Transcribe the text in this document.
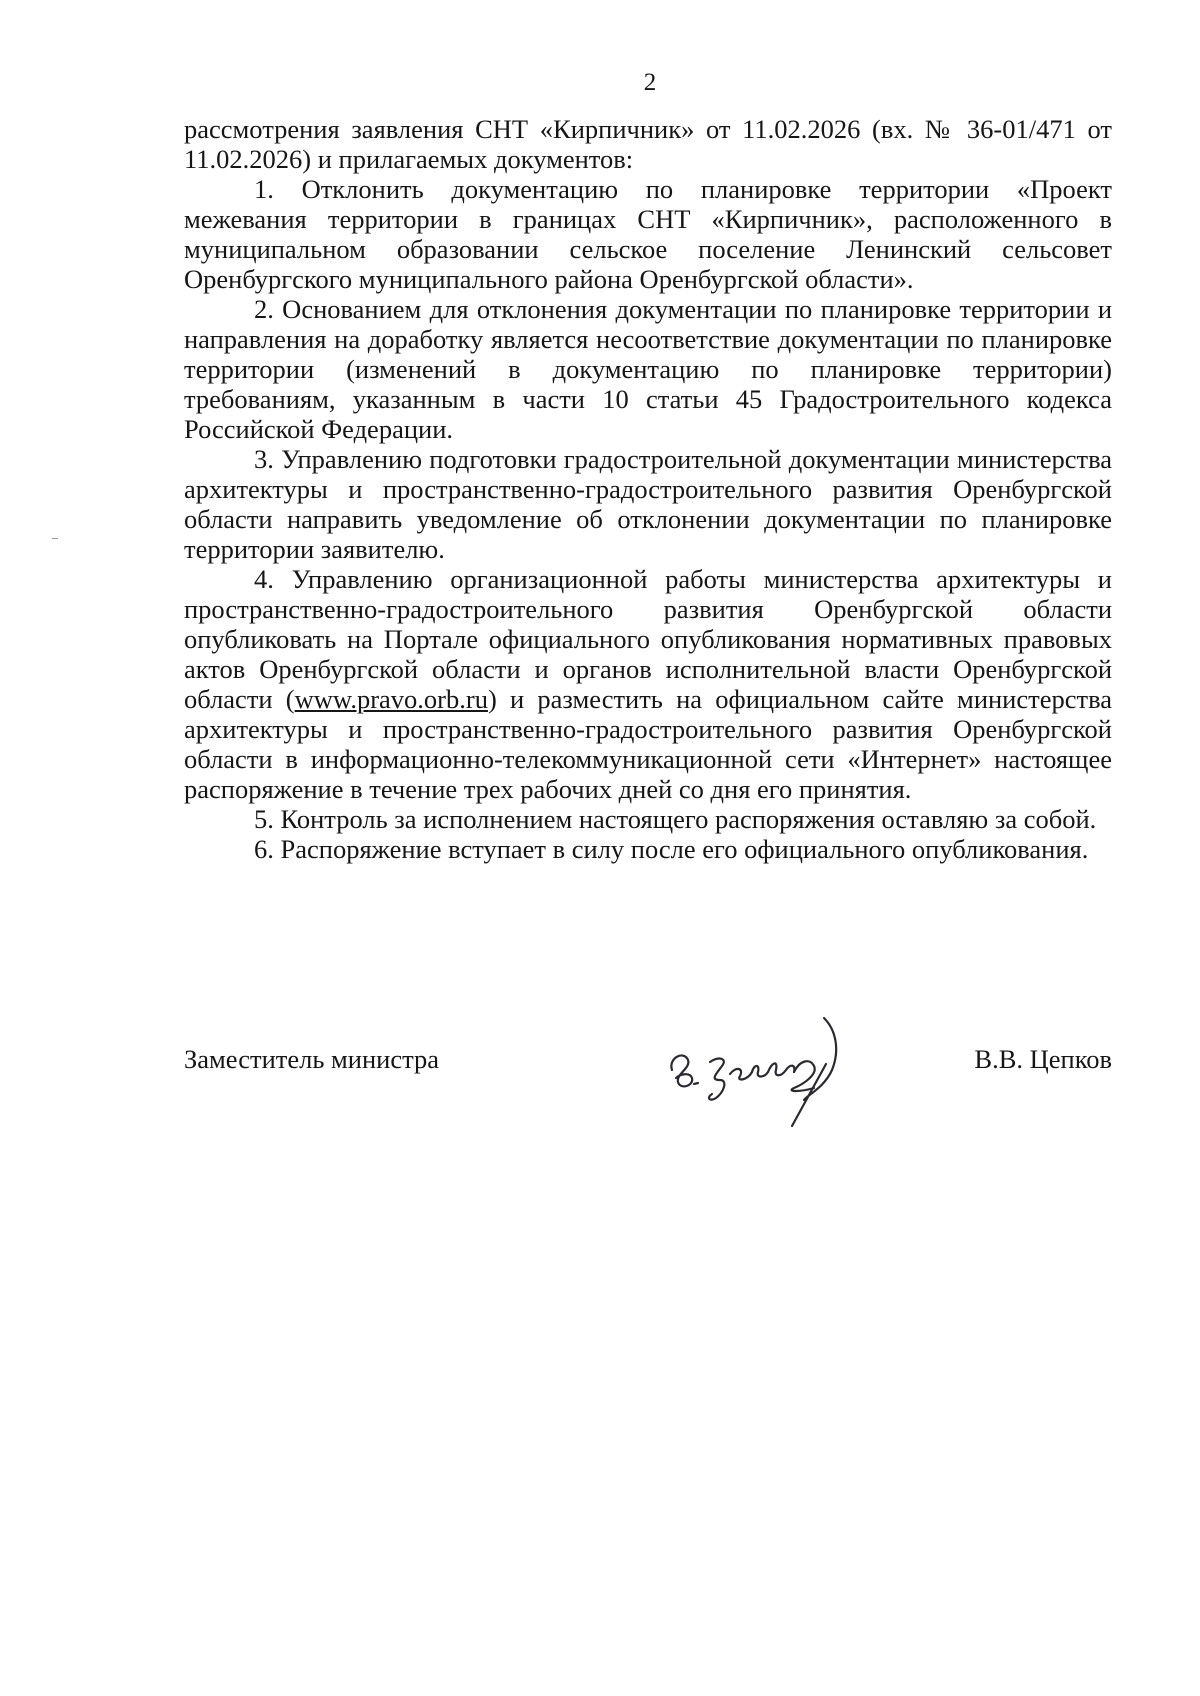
2

рассмотрения заявления СНТ «Кирпичник» от 11.02.2026 (вх. № 36-01/471 от 11.02.2026) и прилагаемых документов:

1. Отклонить документацию по планировке территории «Проект межевания территории в границах СНТ «Кирпичник», расположенного в муниципальном образовании сельское поселение Ленинский сельсовет Оренбургского муниципального района Оренбургской области».

2. Основанием для отклонения документации по планировке территории и направления на доработку является несоответствие документации по планировке территории (изменений в документацию по планировке территории) требованиям, указанным в части 10 статьи 45 Градостроительного кодекса Российской Федерации.

3. Управлению подготовки градостроительной документации министерства архитектуры и пространственно-градостроительного развития Оренбургской области направить уведомление об отклонении документации по планировке территории заявителю.

4. Управлению организационной работы министерства архитектуры и пространственно-градостроительного развития Оренбургской области опубликовать на Портале официального опубликования нормативных правовых актов Оренбургской области и органов исполнительной власти Оренбургской области (www.pravo.orb.ru) и разместить на официальном сайте министерства архитектуры и пространственно-градостроительного развития Оренбургской области в информационно-телекоммуникационной сети «Интернет» настоящее распоряжение в течение трех рабочих дней со дня его принятия.

5. Контроль за исполнением настоящего распоряжения оставляю за собой.

6. Распоряжение вступает в силу после его официального опубликования.

Заместитель министра	В.В. Цепков
